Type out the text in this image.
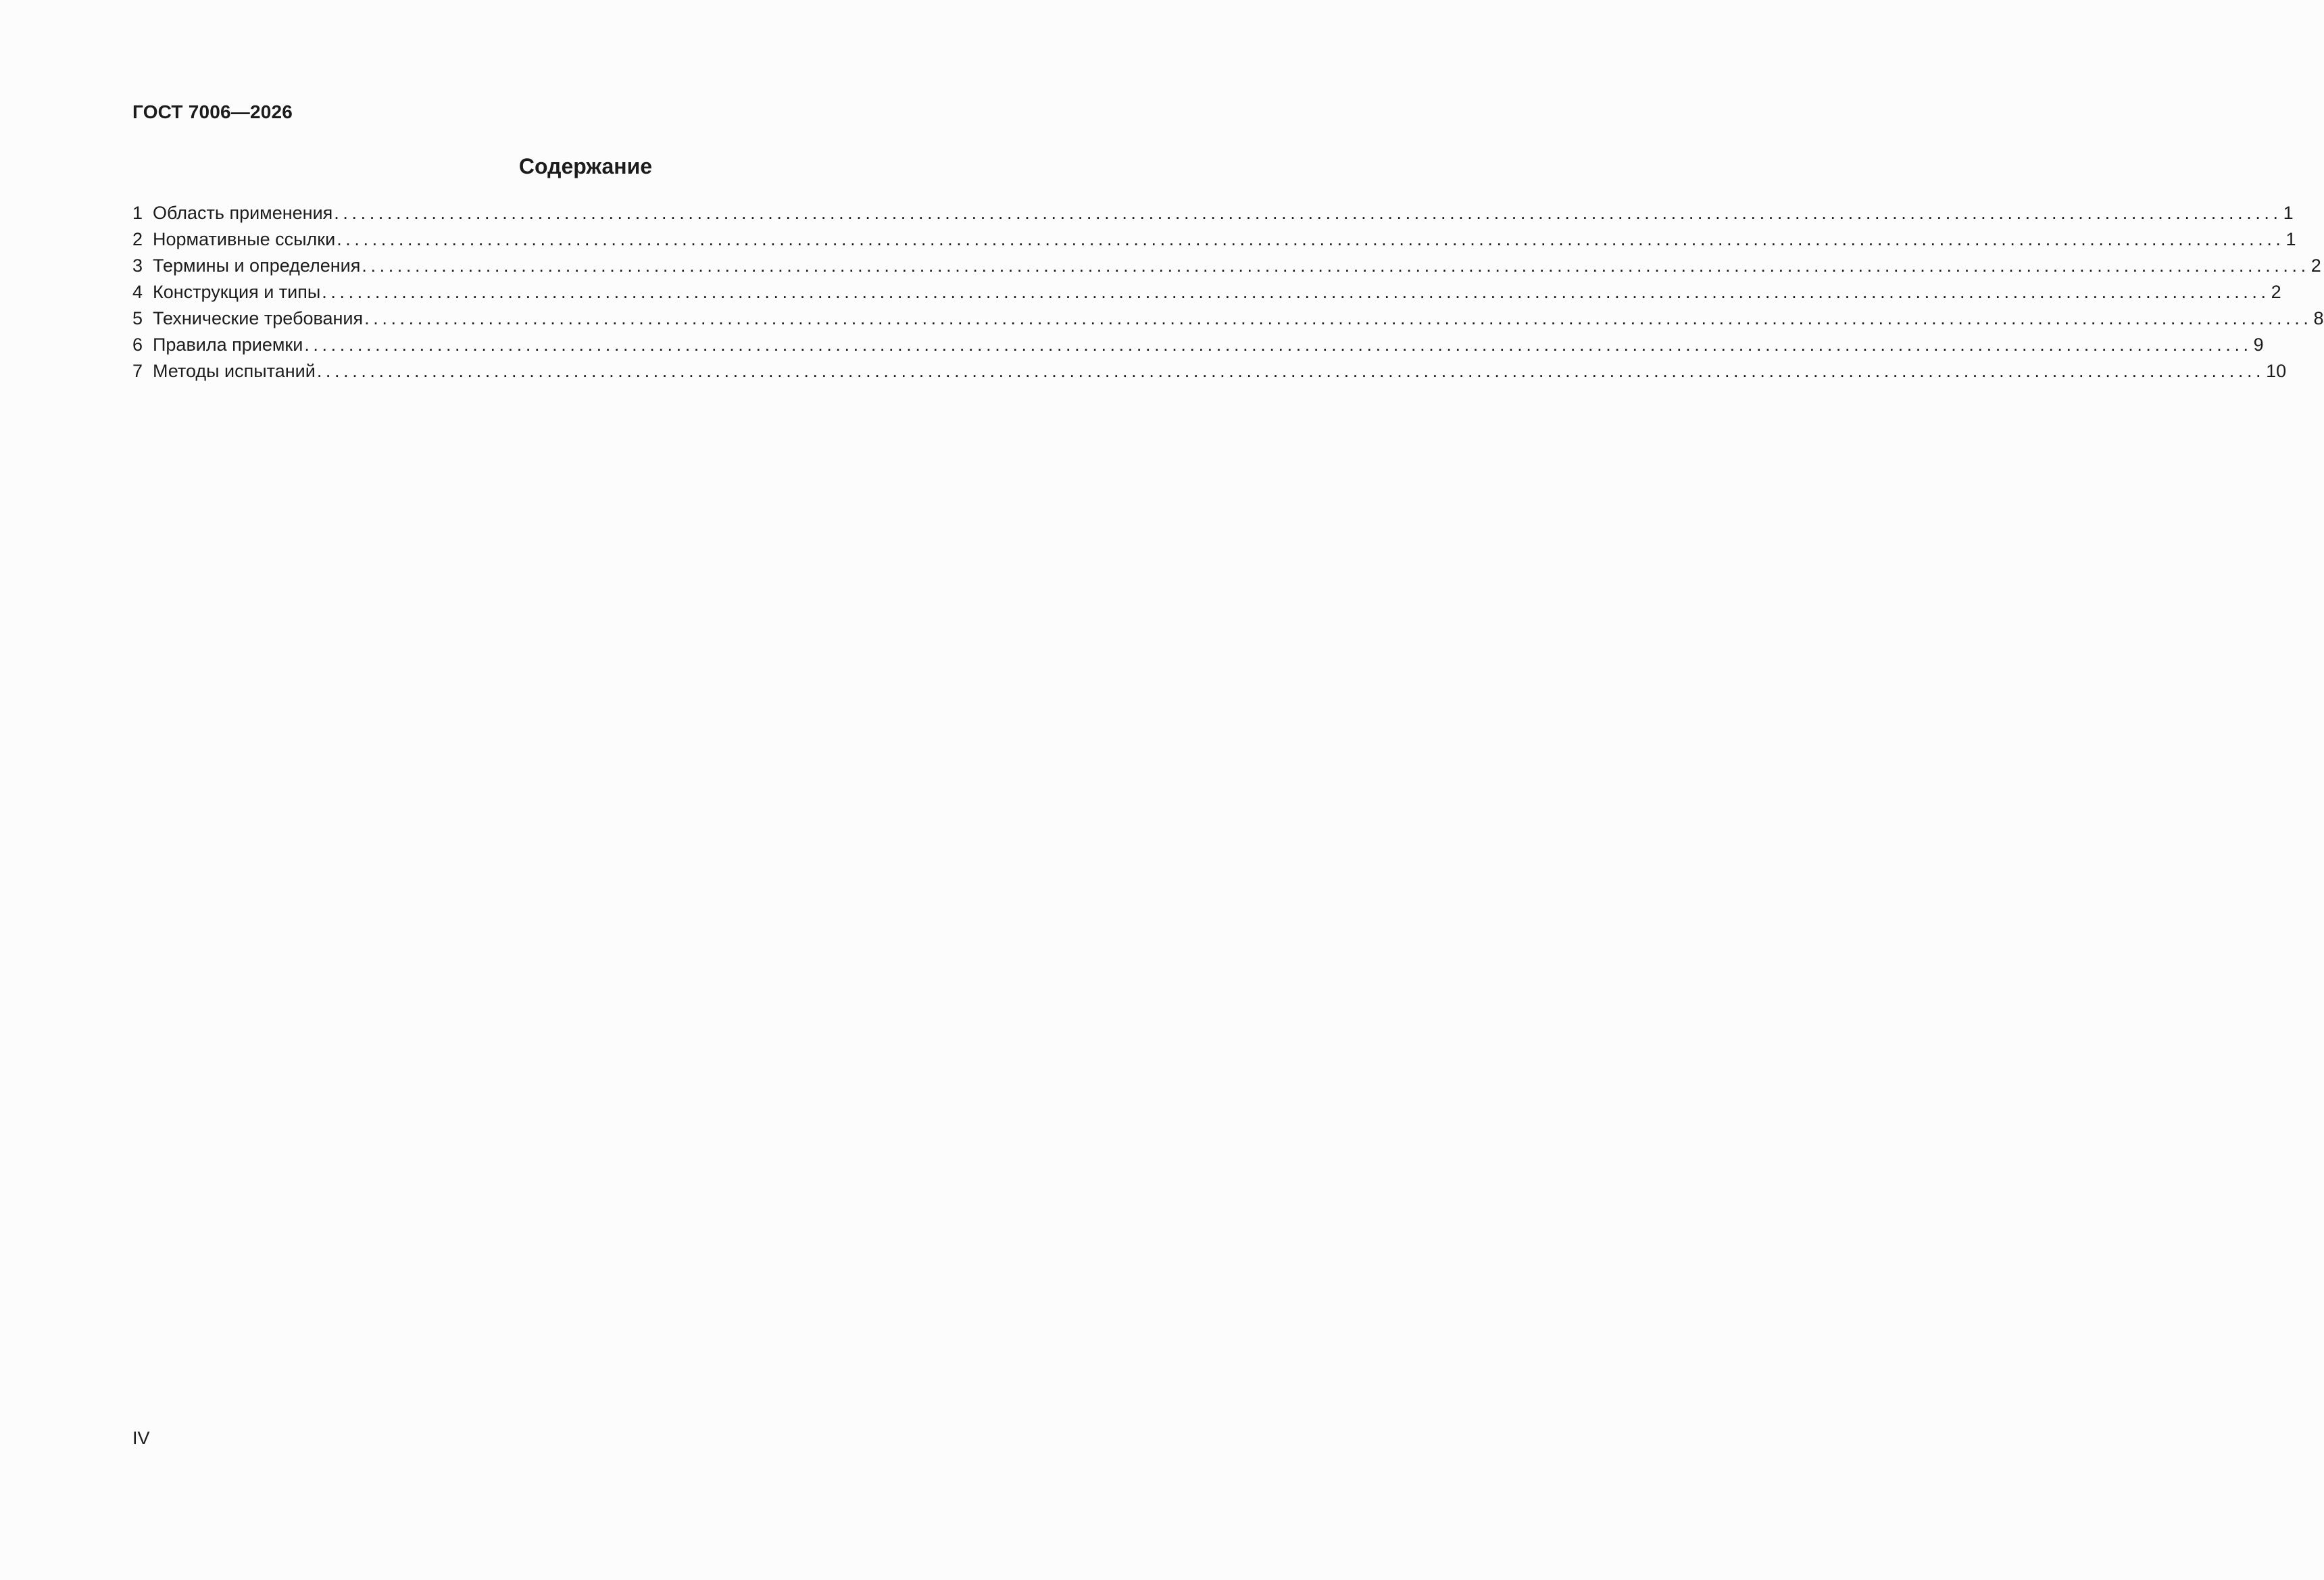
ГОСТ 7006—2026
Содержание
1 Область применения ............................................................................................................................................................................................................................ 1
2 Нормативные ссылки ............................................................................................................................................................................................................................ 1
3 Термины и определения ............................................................................................................................................................................................................................ 2
4 Конструкция и типы ............................................................................................................................................................................................................................ 2
5 Технические требования ............................................................................................................................................................................................................................ 8
6 Правила приемки ............................................................................................................................................................................................................................ 9
7 Методы испытаний ............................................................................................................................................................................................................................ 10
IV
